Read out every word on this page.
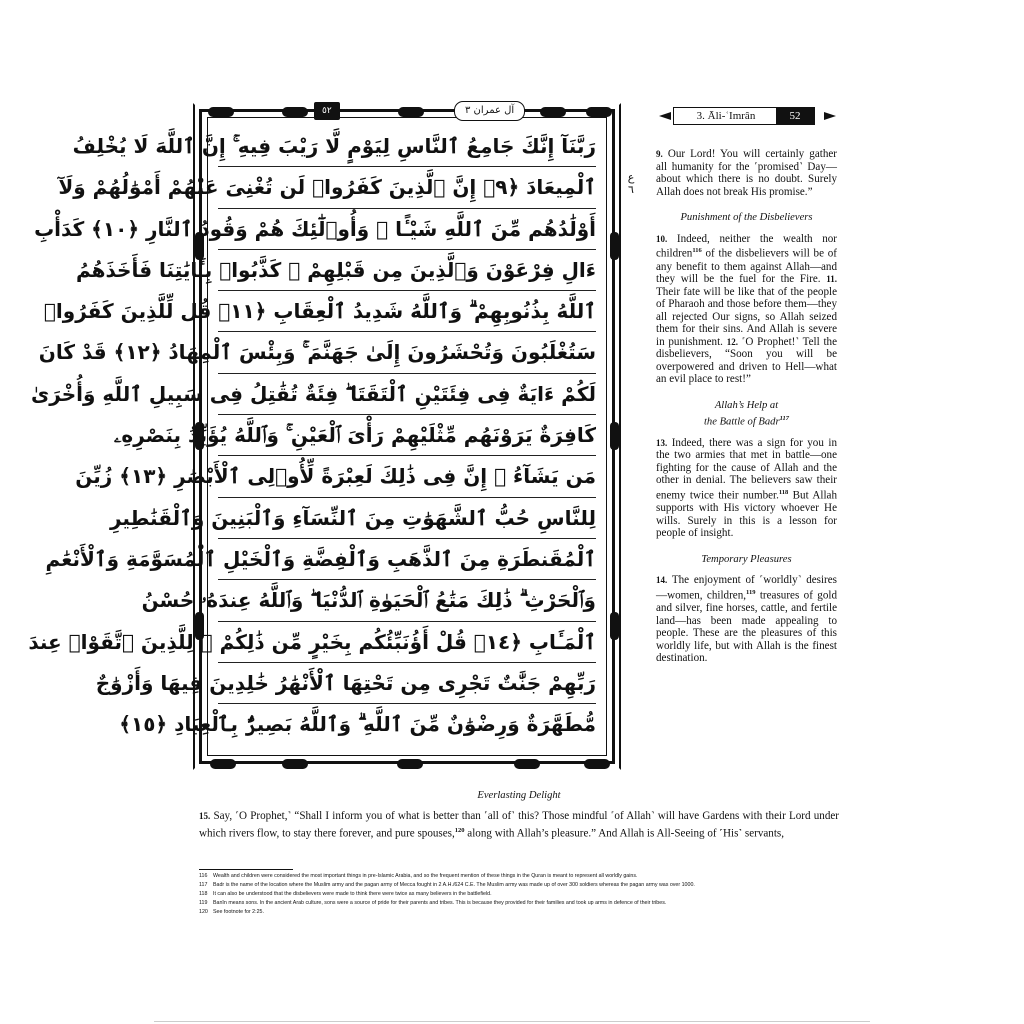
٥٢	آل عمران ٣
رَبَّنَآ إِنَّكَ جَامِعُ ٱلنَّاسِ لِيَوْمٍ لَّا رَيْبَ فِيهِ ۚ إِنَّ ٱللَّهَ لَا يُخْلِفُ
ٱلْمِيعَادَ ﴿٩﴾ إِنَّ ٱلَّذِينَ كَفَرُوا۟ لَن تُغْنِىَ عَنْهُمْ أَمْوَٰلُهُمْ وَلَآ
أَوْلَٰدُهُم مِّنَ ٱللَّهِ شَيْـًٔا ۖ وَأُو۟لَٰٓئِكَ هُمْ وَقُودُ ٱلنَّارِ ﴿١٠﴾ كَدَأْبِ
ءَالِ فِرْعَوْنَ وَٱلَّذِينَ مِن قَبْلِهِمْ ۚ كَذَّبُوا۟ بِـَٔايَٰتِنَا فَأَخَذَهُمُ
ٱللَّهُ بِذُنُوبِهِمْ ۗ وَٱللَّهُ شَدِيدُ ٱلْعِقَابِ ﴿١١﴾ قُل لِّلَّذِينَ كَفَرُوا۟
سَتُغْلَبُونَ وَتُحْشَرُونَ إِلَىٰ جَهَنَّمَ ۚ وَبِئْسَ ٱلْمِهَادُ ﴿١٢﴾ قَدْ كَانَ
لَكُمْ ءَايَةٌ فِى فِئَتَيْنِ ٱلْتَقَتَا ۖ فِئَةٌ تُقَٰتِلُ فِى سَبِيلِ ٱللَّهِ وَأُخْرَىٰ
كَافِرَةٌ يَرَوْنَهُم مِّثْلَيْهِمْ رَأْىَ ٱلْعَيْنِ ۚ وَٱللَّهُ يُؤَيِّدُ بِنَصْرِهِۦ
مَن يَشَآءُ ۗ إِنَّ فِى ذَٰلِكَ لَعِبْرَةً لِّأُو۟لِى ٱلْأَبْصَٰرِ ﴿١٣﴾ زُيِّنَ
لِلنَّاسِ حُبُّ ٱلشَّهَوَٰتِ مِنَ ٱلنِّسَآءِ وَٱلْبَنِينَ وَٱلْقَنَٰطِيرِ
ٱلْمُقَنطَرَةِ مِنَ ٱلذَّهَبِ وَٱلْفِضَّةِ وَٱلْخَيْلِ ٱلْمُسَوَّمَةِ وَٱلْأَنْعَٰمِ
وَٱلْحَرْثِ ۗ ذَٰلِكَ مَتَٰعُ ٱلْحَيَوٰةِ ٱلدُّنْيَا ۖ وَٱللَّهُ عِندَهُۥ حُسْنُ
ٱلْمَـَٔابِ ﴿١٤﴾ قُلْ أَؤُنَبِّئُكُم بِخَيْرٍ مِّن ذَٰلِكُمْ ۚ لِلَّذِينَ ٱتَّقَوْا۟ عِندَ
رَبِّهِمْ جَنَّٰتٌ تَجْرِى مِن تَحْتِهَا ٱلْأَنْهَٰرُ خَٰلِدِينَ فِيهَا وَأَزْوَٰجٌ
مُّطَهَّرَةٌ وَرِضْوَٰنٌ مِّنَ ٱللَّهِ ۗ وَٱللَّهُ بَصِيرٌۢ بِٱلْعِبَادِ ﴿١٥﴾
ع ٦
3. Āli-ʿImrân	52

9. Our Lord! You will certainly gather all humanity for the ˹promised˺ Day—about which there is no doubt. Surely Allah does not break His promise.”

Punishment of the Disbelievers

10. Indeed, neither the wealth nor children$^{116}$ of the disbelievers will be of any benefit to them against Allah—and they will be the fuel for the Fire. 11. Their fate will be like that of the people of Pharaoh and those before them—they all rejected Our signs, so Allah seized them for their sins. And Allah is severe in punishment. 12. ˹O Prophet!˺ Tell the disbelievers, “Soon you will be overpowered and driven to Hell—what an evil place to rest!”

Allah’s Help at
the Battle of Badr$^{117}$

13. Indeed, there was a sign for you in the two armies that met in battle—one fighting for the cause of Allah and the other in denial. The believers saw their enemy twice their number.$^{118}$ But Allah supports with His victory whoever He wills. Surely in this is a lesson for people of insight.

Temporary Pleasures

14. The enjoyment of ˹worldly˺ desires—women, children,$^{119}$ treasures of gold and silver, fine horses, cattle, and fertile land—has been made appealing to people. These are the pleasures of this worldly life, but with Allah is the finest destination.

Everlasting Delight
15. Say, ˹O Prophet,˺ “Shall I inform you of what is better than ˹all of˺ this? Those mindful ˹of Allah˺ will have Gardens with their Lord under which rivers flow, to stay there forever, and pure spouses,$^{120}$ along with Allah’s pleasure.” And Allah is All-Seeing of ˹His˺ servants,
116 Wealth and children were considered the most important things in pre-Islamic Arabia, and so the frequent mention of these things in the Quran is meant to represent all worldly gains.
117 Badr is the name of the location where the Muslim army and the pagan army of Mecca fought in 2 A.H./624 C.E. The Muslim army was made up of over 300 soldiers whereas the pagan army was over 1000.
118 It can also be understood that the disbelievers were made to think there were twice as many believers in the battlefield.
119 Banîn means sons. In the ancient Arab culture, sons were a source of pride for their parents and tribes. This is because they provided for their families and took up arms in defence of their tribes.
120 See footnote for 2:25.
